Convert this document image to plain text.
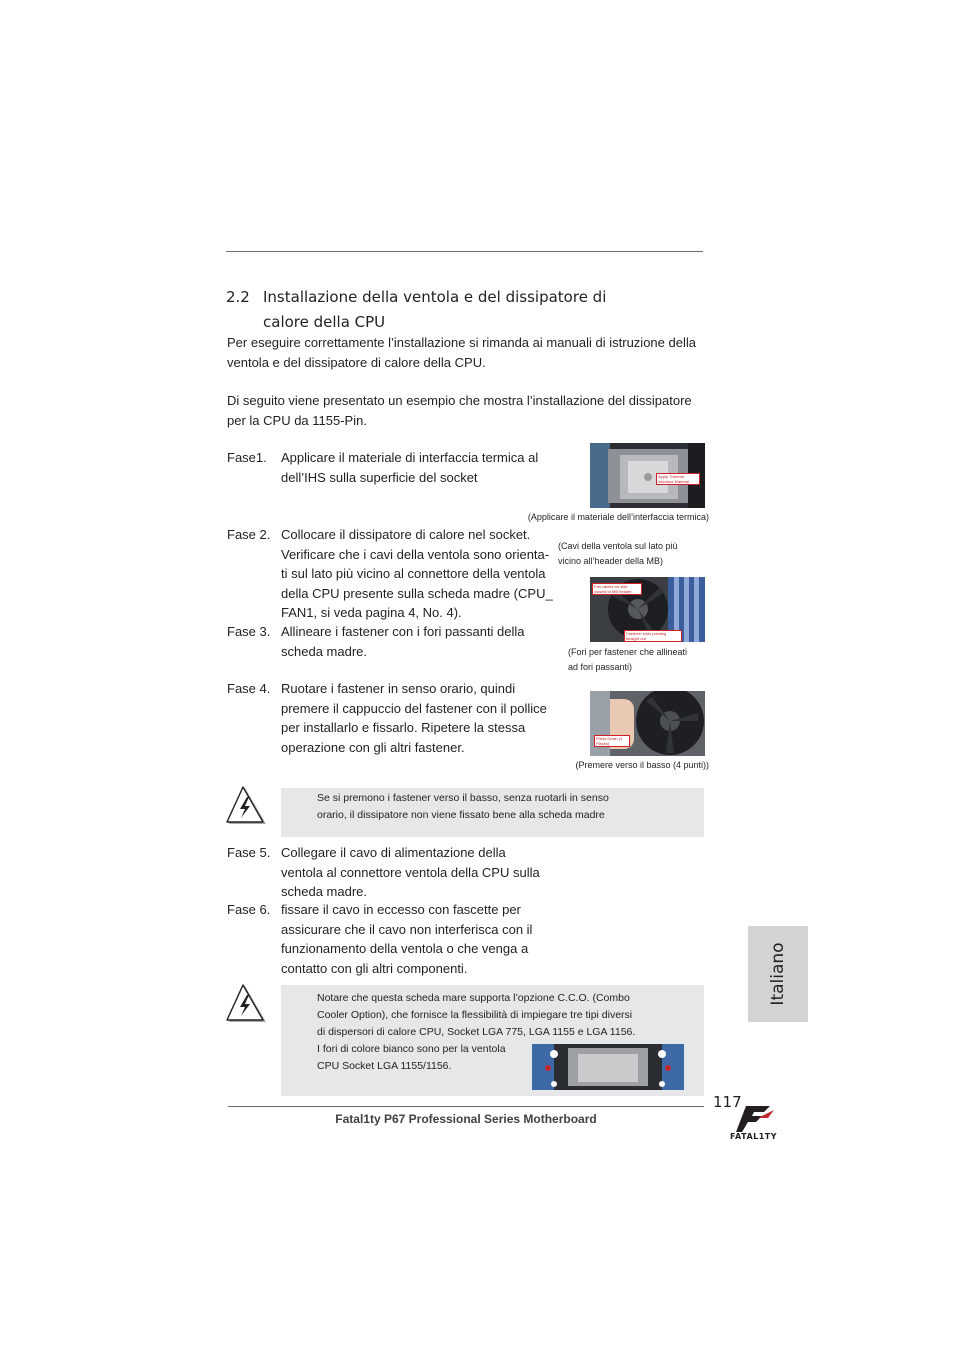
2.2 Installazione della ventola e del dissipatore di
calore della CPU
Per eseguire correttamente l’installazione si rimanda ai manuali di istruzione della
ventola e del dissipatore di calore della CPU.
Di seguito viene presentato un esempio che mostra l’installazione del dissipatore
per la CPU da 1155-Pin.
Fase1. Applicare il materiale di interfaccia termica al
dell’IHS sulla superficie del socket	Apply Thermal Interface Material
(Applicare il materiale dell’interfaccia termica)
Fase 2. Collocare il dissipatore di calore nel socket.
Verificare che i cavi della ventola sono orienta-
ti sul lato più vicino al connettore della ventola
della CPU presente sulla scheda madre (CPU_
FAN1, si veda pagina 4, No. 4).
(Cavi della ventola sul lato più
vicino all’header della MB)
Fan cables on side closest to MB header
Fastener slots pointing straight out
Fase 3. Allineare i fastener con i fori passanti della
scheda madre.	(Fori per fastener che allineati
ad fori passanti)
Fase 4. Ruotare i fastener in senso orario, quindi
premere il cappuccio del fastener con il pollice
per installarlo e fissarlo. Ripetere la stessa
operazione con gli altri fastener.
Press Down (4 Places)
(Premere verso il basso (4 punti))
Se si premono i fastener verso il basso, senza ruotarli in senso
orario, il dissipatore non viene fissato bene alla scheda madre
Fase 5. Collegare il cavo di alimentazione della
ventola al connettore ventola della CPU sulla
scheda madre.
Fase 6. fissare il cavo in eccesso con fascette per
assicurare che il cavo non interferisca con il
funzionamento della ventola o che venga a
contatto con gli altri componenti.	Italiano
Notare che questa scheda mare supporta l’opzione C.C.O. (Combo
Cooler Option), che fornisce la flessibilità di impiegare tre tipi diversi
di dispersori di calore CPU, Socket LGA 775, LGA 1155 e LGA 1156.
I fori di colore bianco sono per la ventola
CPU Socket LGA 1155/1156.
117
Fatal1ty P67 Professional Series Motherboard
FATAL1TY
